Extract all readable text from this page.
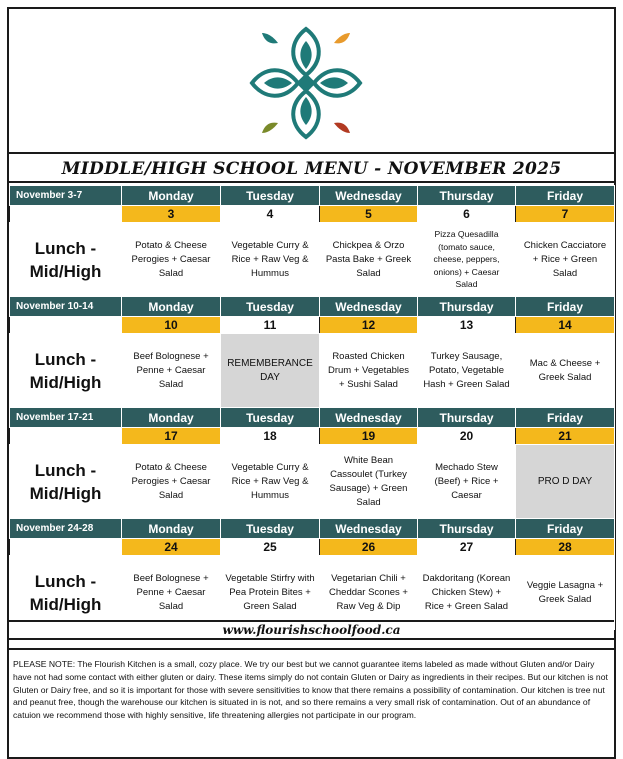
MIDDLE/HIGH SCHOOL MENU - NOVEMBER 2025
November 3-7	Monday	Tuesday	Wednesday	Thursday	Friday
	3	4	5	6	7

Lunch -
Mid/High	Potato & Cheese Perogies + Caesar Salad	Vegetable Curry & Rice + Raw Veg & Hummus	Chickpea & Orzo Pasta Bake + Greek Salad	Pizza Quesadilla (tomato sauce, cheese, peppers, onions) + Caesar Salad	Chicken Cacciatore + Rice + Green Salad
November 10-14	Monday	Tuesday	Wednesday	Thursday	Friday
	10	11	12	13	14

Lunch -
Mid/High	Beef Bolognese + Penne + Caesar Salad	REMEMBERANCE DAY	Roasted Chicken Drum + Vegetables + Sushi Salad	Turkey Sausage, Potato, Vegetable Hash + Green Salad	Mac & Cheese + Greek Salad
November 17-21	Monday	Tuesday	Wednesday	Thursday	Friday
	17	18	19	20	21

Lunch -
Mid/High	Potato & Cheese Perogies + Caesar Salad	Vegetable Curry & Rice + Raw Veg & Hummus	White Bean Cassoulet (Turkey Sausage) + Green Salad	Mechado Stew (Beef) + Rice + Caesar	PRO D DAY
November 24-28	Monday	Tuesday	Wednesday	Thursday	Friday
	24	25	26	27	28

Lunch -
Mid/High	Beef Bolognese + Penne + Caesar Salad	Vegetable Stirfry with Pea Protein Bites + Green Salad	Vegetarian Chili + Cheddar Scones + Raw Veg & Dip	Dakdoritang (Korean Chicken Stew) + Rice + Green Salad	Veggie Lasagna + Greek Salad
www.flourishschoolfood.ca
PLEASE NOTE: The Flourish Kitchen is a small, cozy place. We try our best but we cannot guarantee items labeled as made without Gluten and/or Dairy have not had some contact with either gluten or dairy. These items simply do not contain Gluten or Dairy as ingredients in their recipes. But our kitchen is not Gluten or Dairy free, and so it is important for those with severe sensitivities to know that there remains a possibility of contamination. Our kitchen is tree nut and peanut free, though the warehouse our kitchen is situated in is not, and so there remains a very small risk of contamination. Out of an abundance of catuion we recommend those with highly sensitive, life threatening allergies not participate in our program.
